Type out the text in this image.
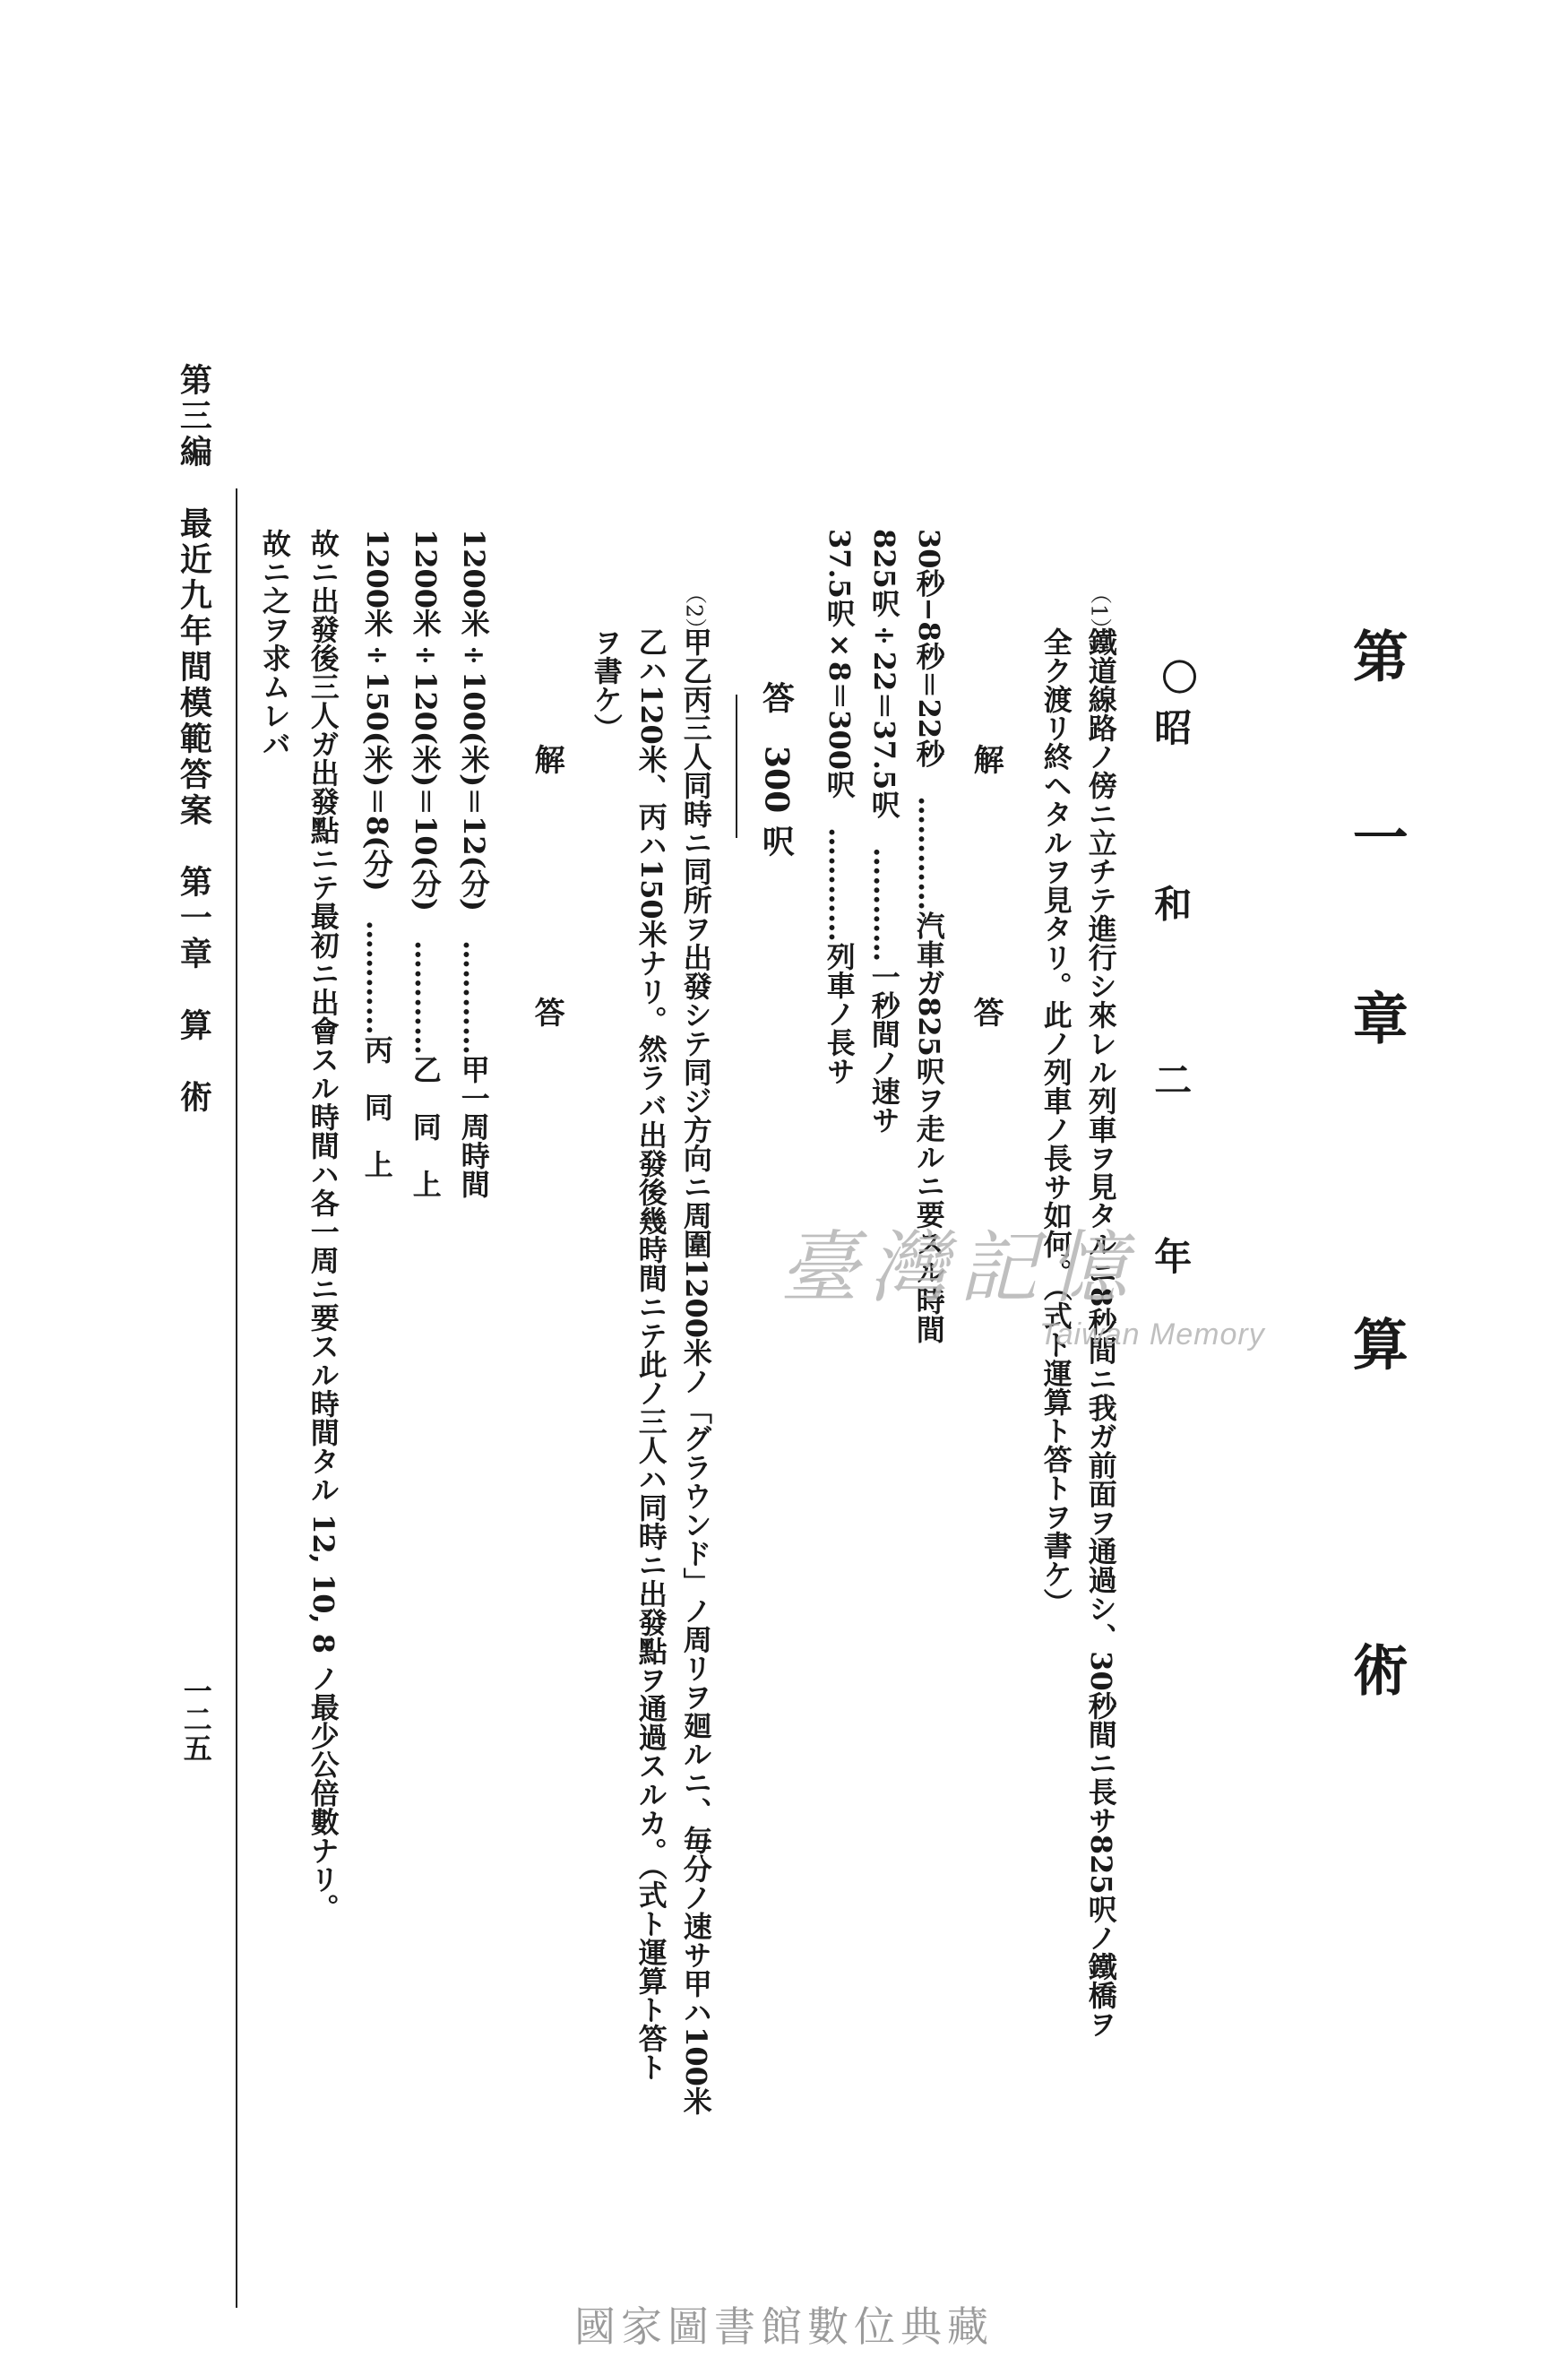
第一章 算 術
昭 和 二 年
〇
（1）
鐵道線路ノ傍ニ立チテ進行シ來レル列車ヲ見タルニ8秒間ニ我ガ前面ヲ通過シ、30秒間ニ長サ825呎ノ鐵橋ヲ
全ク渡リ終ヘタルヲ見タリ。此ノ列車ノ長サ如何。（式ト運算ト答トヲ書ケ）
解　　答
30秒−8秒＝22秒　…………汽車ガ825呎ヲ走ルニ要スル時間
825呎÷22＝37.5呎　…………一秒間ノ速サ
37.5呎×8＝300呎　…………列車ノ長サ
答　300 呎
（2）
甲乙丙三人同時ニ同所ヲ出發シテ同ジ方向ニ周圍1200米ノ「グラウンド」ノ周リヲ廻ルニ、毎分ノ速サ甲ハ100米
乙ハ120米、丙ハ150米ナリ。然ラバ出發後幾時間ニテ此ノ三人ハ同時ニ出發點ヲ通過スルカ。（式ト運算ト答ト
ヲ書ケ）
解　　答
1200米÷100(米)＝12(分)　…………甲一周時間
1200米÷120(米)＝10(分)　…………乙　同　上
1200米÷150(米)＝8(分)　…………丙　同　上
故ニ出發後三人ガ出發點ニテ最初ニ出會スル時間ハ各一周ニ要スル時間タル 12, 10, 8 ノ最少公倍數ナリ。
故ニ之ヲ求ムレバ
第三編　最近九年間模範答案　第一章　算　術
一二五
臺灣記憶
Taiwan Memory
國家圖書館數位典藏
